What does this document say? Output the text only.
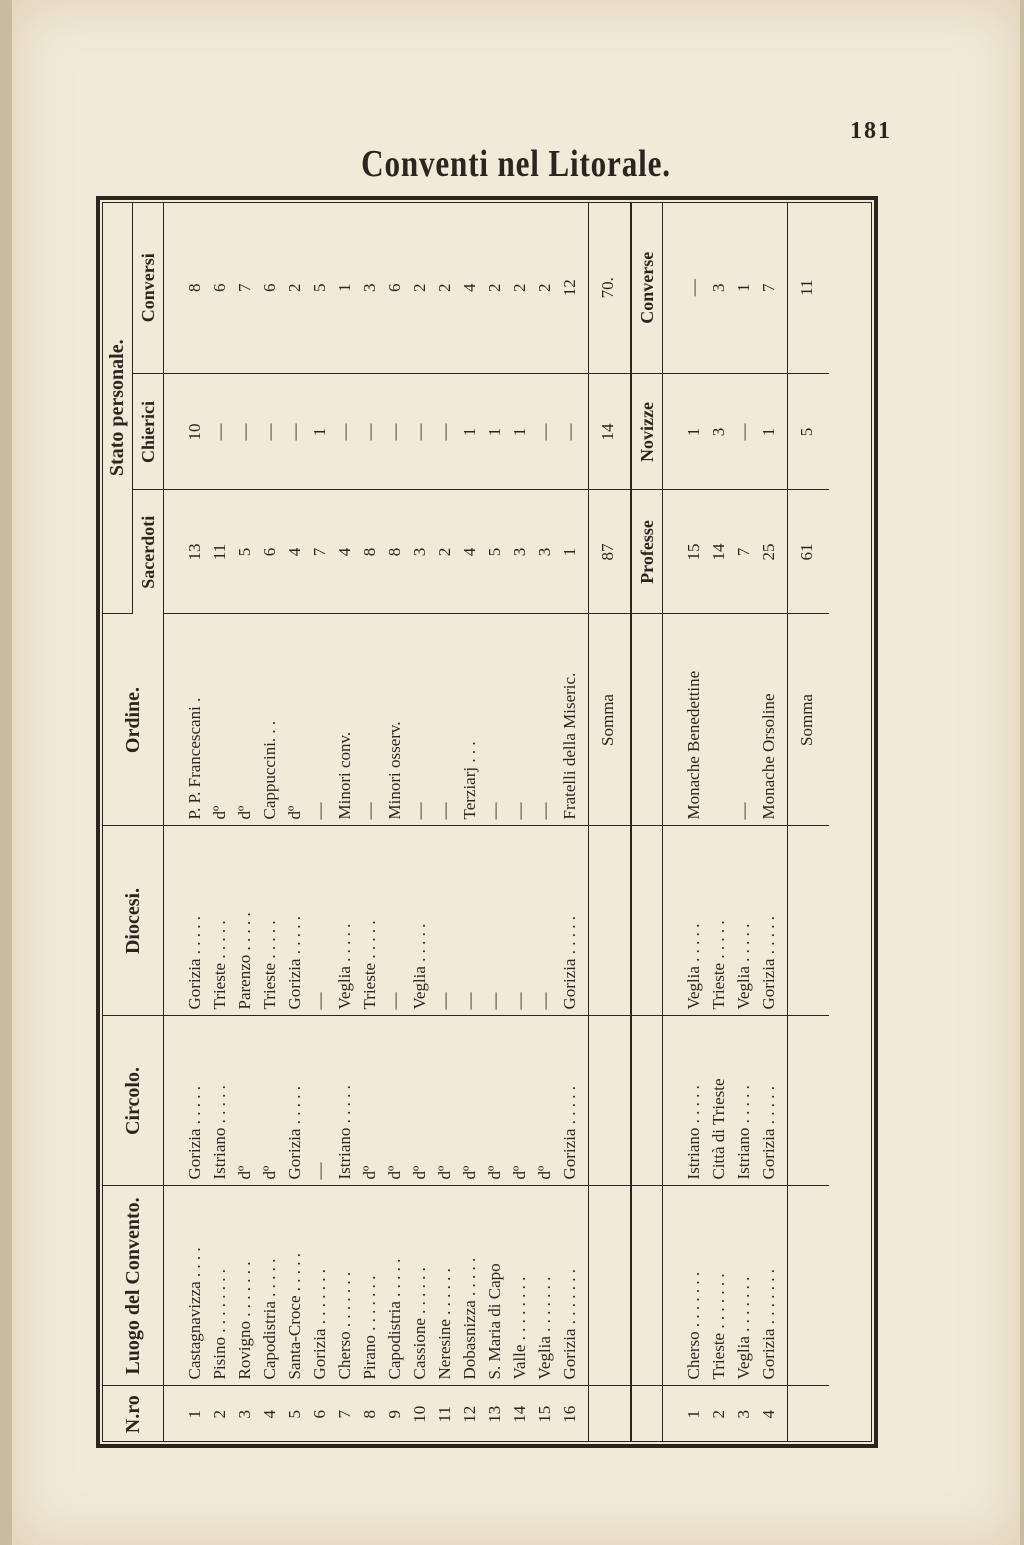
181
Conventi nel Litorale.
N.ro	Luogo del Convento.	Circolo.	Diocesi.	Ordine.	Stato personale.		
					Sacerdoti	Chierici	Conversi
1	Castagnavizza . . . .	Gorizia . . . . .	Gorizia . . . . .	P. P. Francescani .	13	10	8
2	Pisino . . . . . . . .	Istriano . . . . .	Trieste . . . . .	dº	11	—	6
3	Rovigno . . . . . . .	dº	Parenzo . . . . .	dº	5	—	7
4	Capodistria . . . . .	dº	Trieste . . . . .	Cappuccini. . .	6	—	6
5	Santa-Croce . . . . .	Gorizia . . . . .	Gorizia . . . . .	dº	4	—	2
6	Gorizia . . . . . . .	—	—	—	7	1	5
7	Cherso . . . . . . .	Istriano . . . . .	Veglia . . . . .	Minori conv.	4	—	1
8	Pirano . . . . . . .	dº	Trieste . . . . .	—	8	—	3
9	Capodistria . . . . .	dº	—	Minori osserv.	8	—	6
10	Cassione . . . . . .	dº	Veglia . . . . .	—	3	—	2
11	Neresine . . . . . .	dº	—	—	2	—	2
12	Dobasnizza . . . . .	dº	—	Terziarj . . .	4	1	4
13	S. Maria di Capo	dº	—	—	5	1	2
14	Valle . . . . . . . .	dº	—	—	3	1	2
15	Veglia . . . . . . .	dº	—	—	3	—	2
16	Gorizia . . . . . . .	Gorizia . . . . .	Gorizia . . . . .	Fratelli della Miseric.	1	—	12
				Somma	87	14	70.
					Professe	Novizze	Converse
1	Cherso . . . . . . .	Istriano . . . . .	Veglia . . . . .	Monache Benedettine	15	1	—
2	Trieste . . . . . . .	Città di Trieste	Trieste . . . . .		14	3	3
3	Veglia . . . . . . .	Istriano . . . . .	Veglia . . . . .	—	7	—	1
4	Gorizia . . . . . . .	Gorizia . . . . .	Gorizia . . . . .	Monache Orsoline	25	1	7
				Somma	61	5	11
